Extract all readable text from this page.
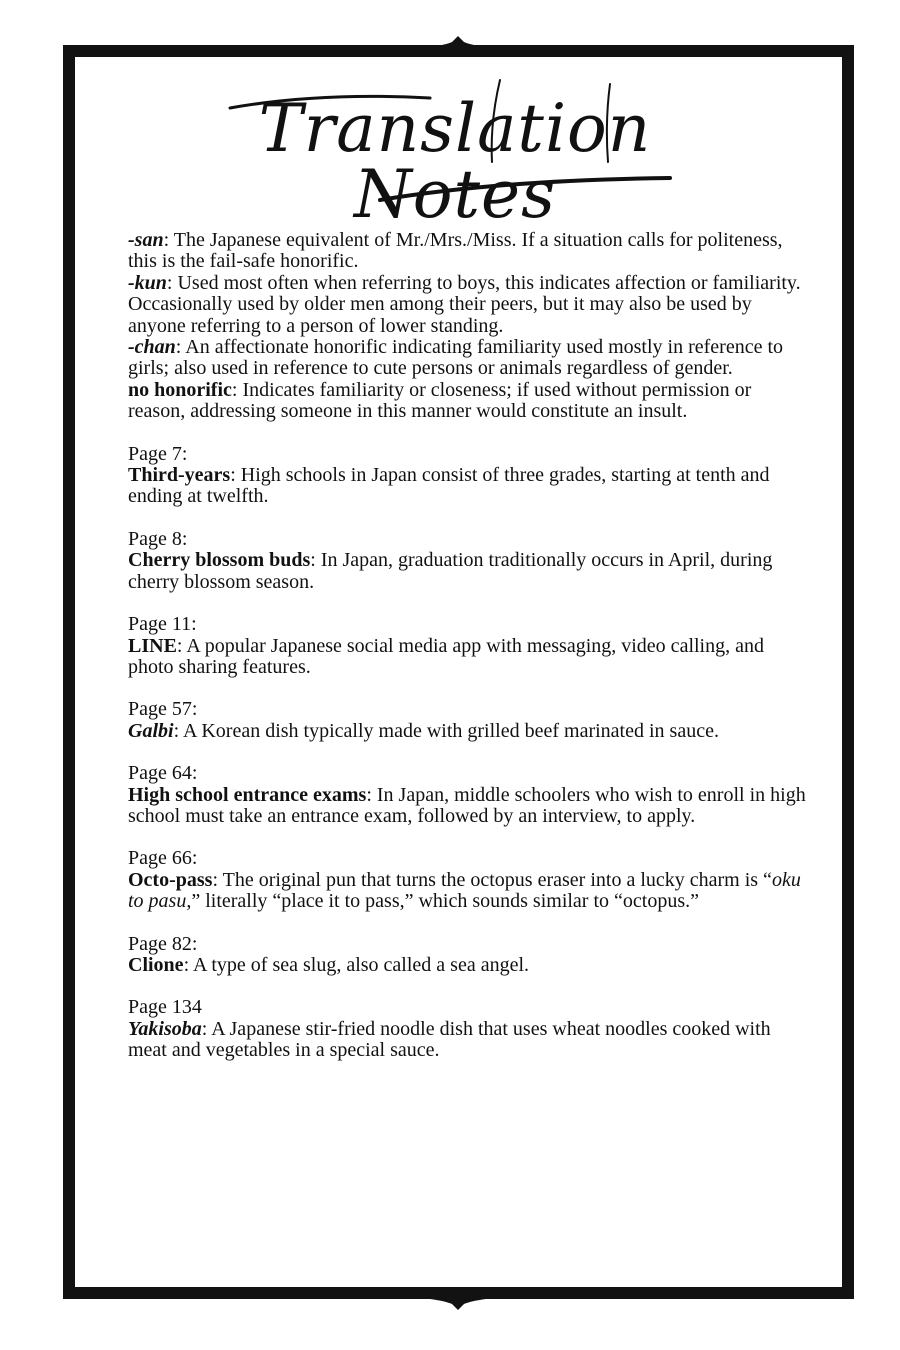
Translation Notes

-san: The Japanese equivalent of Mr./Mrs./Miss. If a situation calls for politeness, this is the fail-safe honorific.

-kun: Used most often when referring to boys, this indicates affection or familiarity. Occasionally used by older men among their peers, but it may also be used by anyone referring to a person of lower standing.

-chan: An affectionate honorific indicating familiarity used mostly in reference to girls; also used in reference to cute persons or animals regardless of gender.

no honorific: Indicates familiarity or closeness; if used without permission or reason, addressing someone in this manner would constitute an insult.

Page 7:

Third-years: High schools in Japan consist of three grades, starting at tenth and ending at twelfth.

Page 8:

Cherry blossom buds: In Japan, graduation traditionally occurs in April, during cherry blossom season.

Page 11:

LINE: A popular Japanese social media app with messaging, video calling, and photo sharing features.

Page 57:

Galbi: A Korean dish typically made with grilled beef marinated in sauce.

Page 64:

High school entrance exams: In Japan, middle schoolers who wish to enroll in high school must take an entrance exam, followed by an interview, to apply.

Page 66:

Octo-pass: The original pun that turns the octopus eraser into a lucky charm is “oku to pasu,” literally “place it to pass,” which sounds similar to “octopus.”

Page 82:

Clione: A type of sea slug, also called a sea angel.

Page 134

Yakisoba: A Japanese stir-fried noodle dish that uses wheat noodles cooked with meat and vegetables in a special sauce.
